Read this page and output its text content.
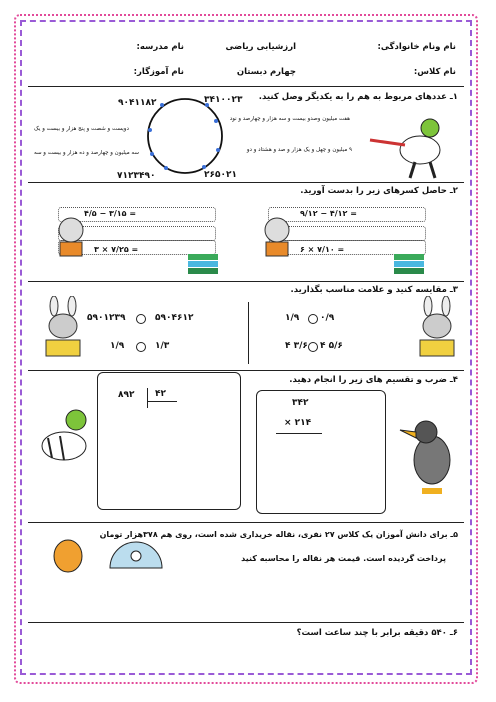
نام ونام خانوادگی:
نام کلاس:
ارزشیابی ریاضی
چهارم دبستان
نام مدرسه:
نام آموزگار:
۱ـ عددهای مربوط به هم را به یکدیگر وصل کنید.
۹۰۴۱۱۸۲	۳۴۱۰۰۲۳
۷۱۲۳۴۹۰	۲۶۵۰۲۱
هفت میلیون وصدو بیست و سه هزار و چهارصد و نود
۹ میلیون و چهل و یک هزار و صد و هشتاد و دو
دویست و شصت و پنج هزار و بیست و یک
سه میلیون و چهارصد و ده هزار و بیست و سه
۲ـ حاصل کسرهای زیر را بدست آورید.
۹/۱۲ − ۴/۱۲ =
۶ × ۷/۱۰ =
۴/۵ − ۳/۱۵ =
۳ × ۷/۲۵ =
۳ـ مقایسه کنید و علامت مناسب بگذارید.
۰/۹
۱/۹
۴ ۵/۶
۴ ۳/۶
۵۹۰۴۶۱۲
۵۹۰۱۲۳۹
۱/۳
۱/۹
۴ـ ضرب و تقسیم های زیر را انجام دهید.
۳۴۲
× ۲۱۴
۸۹۲ ۴۲
۵ـ برای دانش آموزان یک کلاس ۲۷ نفری، نقاله خریداری شده است، روی هم ۳۷۸هزار تومان
پرداخت گردیده است. قیمت هر نقاله را محاسبه کنید
۶ـ ۵۴۰ دقیقه برابر با چند ساعت است؟
